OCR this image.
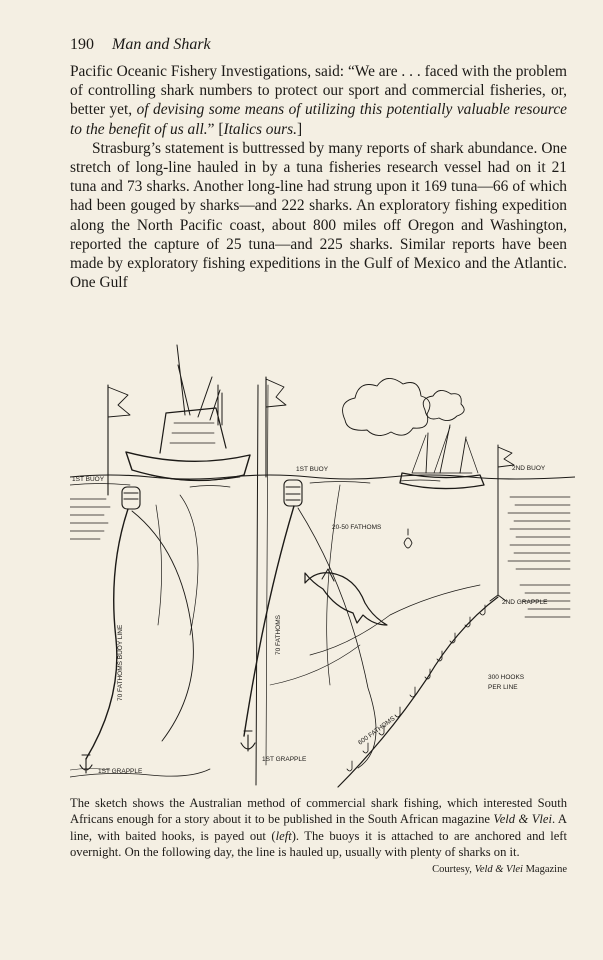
190 Man and Shark

Pacific Oceanic Fishery Investigations, said: “We are . . . faced with the problem of controlling shark numbers to protect our sport and commercial fisheries, or, better yet, of devising some means of utilizing this potentially valuable resource to the benefit of us all.” [Italics ours.]

Strasburg’s statement is buttressed by many reports of shark abundance. One stretch of long-line hauled in by a tuna fisheries research vessel had on it 21 tuna and 73 sharks. Another long-line had strung upon it 169 tuna—66 of which had been gouged by sharks—and 222 sharks. An exploratory fishing expedition along the North Pacific coast, about 800 miles off Oregon and Washington, reported the capture of 25 tuna—and 225 sharks. Similar reports have been made by exploratory fishing expeditions in the Gulf of Mexico and the Atlantic. One Gulf

1ST BUOY
70 FATHOMS BUOY LINE
1ST GRAPPLE
1ST BUOY
70 FATHOMS
1ST GRAPPLE
20-50 FATHOMS
2ND BUOY
2ND GRAPPLE
300 HOOKS
PER LINE
600 FATHOMS
The sketch shows the Australian method of commercial shark fishing, which interested South Africans enough for a story about it to be published in the South African magazine Veld & Vlei. A line, with baited hooks, is payed out (left). The buoys it is attached to are anchored and left overnight. On the following day, the line is hauled up, usually with plenty of sharks on it.
Courtesy, Veld & Vlei Magazine
